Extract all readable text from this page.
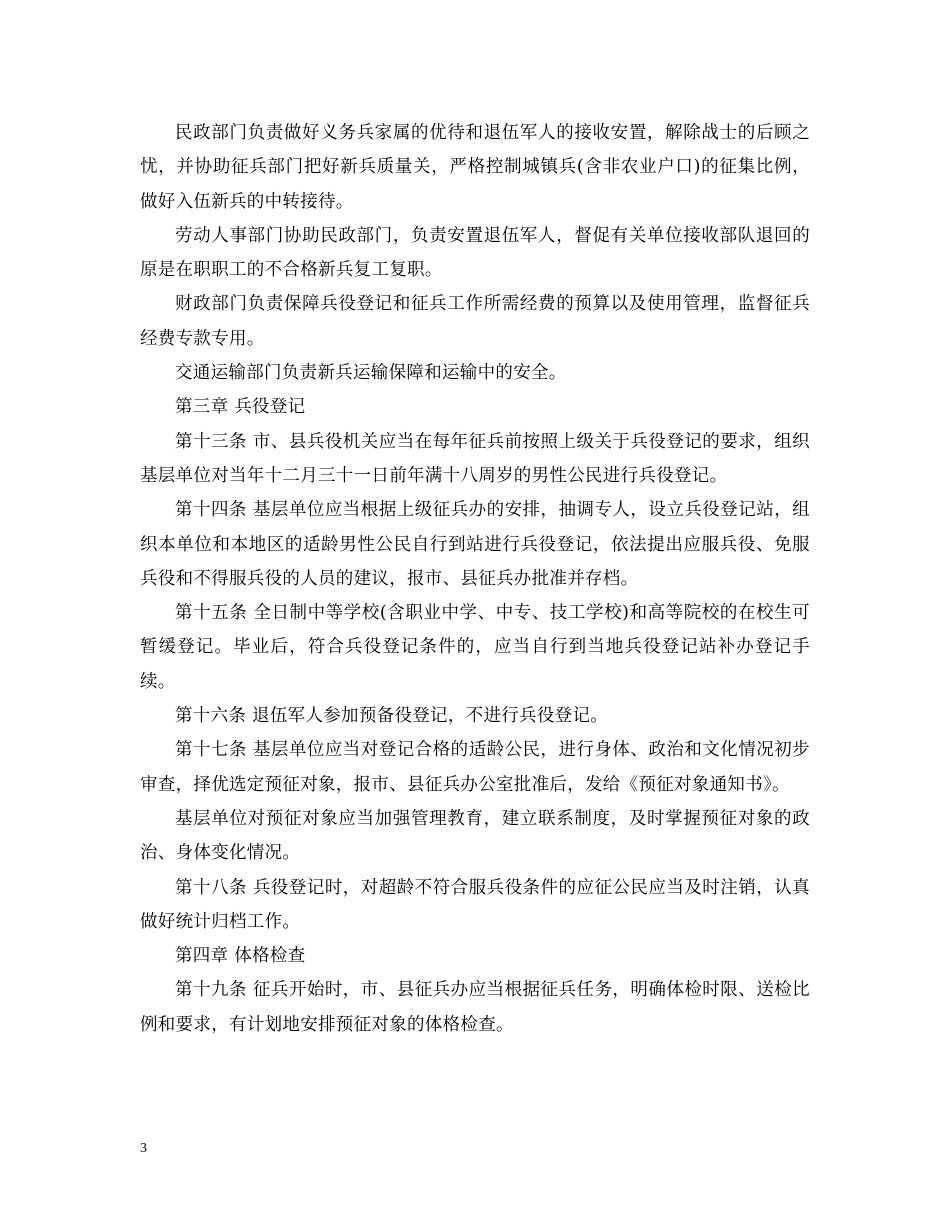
民政部门负责做好义务兵家属的优待和退伍军人的接收安置，解除战士的后顾之忧，并协助征兵部门把好新兵质量关，严格控制城镇兵(含非农业户口)的征集比例，做好入伍新兵的中转接待。

劳动人事部门协助民政部门，负责安置退伍军人，督促有关单位接收部队退回的原是在职职工的不合格新兵复工复职。

财政部门负责保障兵役登记和征兵工作所需经费的预算以及使用管理，监督征兵经费专款专用。

交通运输部门负责新兵运输保障和运输中的安全。

第三章 兵役登记

第十三条 市、县兵役机关应当在每年征兵前按照上级关于兵役登记的要求，组织基层单位对当年十二月三十一日前年满十八周岁的男性公民进行兵役登记。

第十四条 基层单位应当根据上级征兵办的安排，抽调专人，设立兵役登记站，组织本单位和本地区的适龄男性公民自行到站进行兵役登记，依法提出应服兵役、免服兵役和不得服兵役的人员的建议，报市、县征兵办批准并存档。

第十五条 全日制中等学校(含职业中学、中专、技工学校)和高等院校的在校生可暂缓登记。毕业后，符合兵役登记条件的，应当自行到当地兵役登记站补办登记手续。

第十六条 退伍军人参加预备役登记，不进行兵役登记。

第十七条 基层单位应当对登记合格的适龄公民，进行身体、政治和文化情况初步审查，择优选定预征对象，报市、县征兵办公室批准后，发给《预征对象通知书》。

基层单位对预征对象应当加强管理教育，建立联系制度，及时掌握预征对象的政治、身体变化情况。

第十八条 兵役登记时，对超龄不符合服兵役条件的应征公民应当及时注销，认真做好统计归档工作。

第四章 体格检查

第十九条 征兵开始时，市、县征兵办应当根据征兵任务，明确体检时限、送检比例和要求，有计划地安排预征对象的体格检查。

3
